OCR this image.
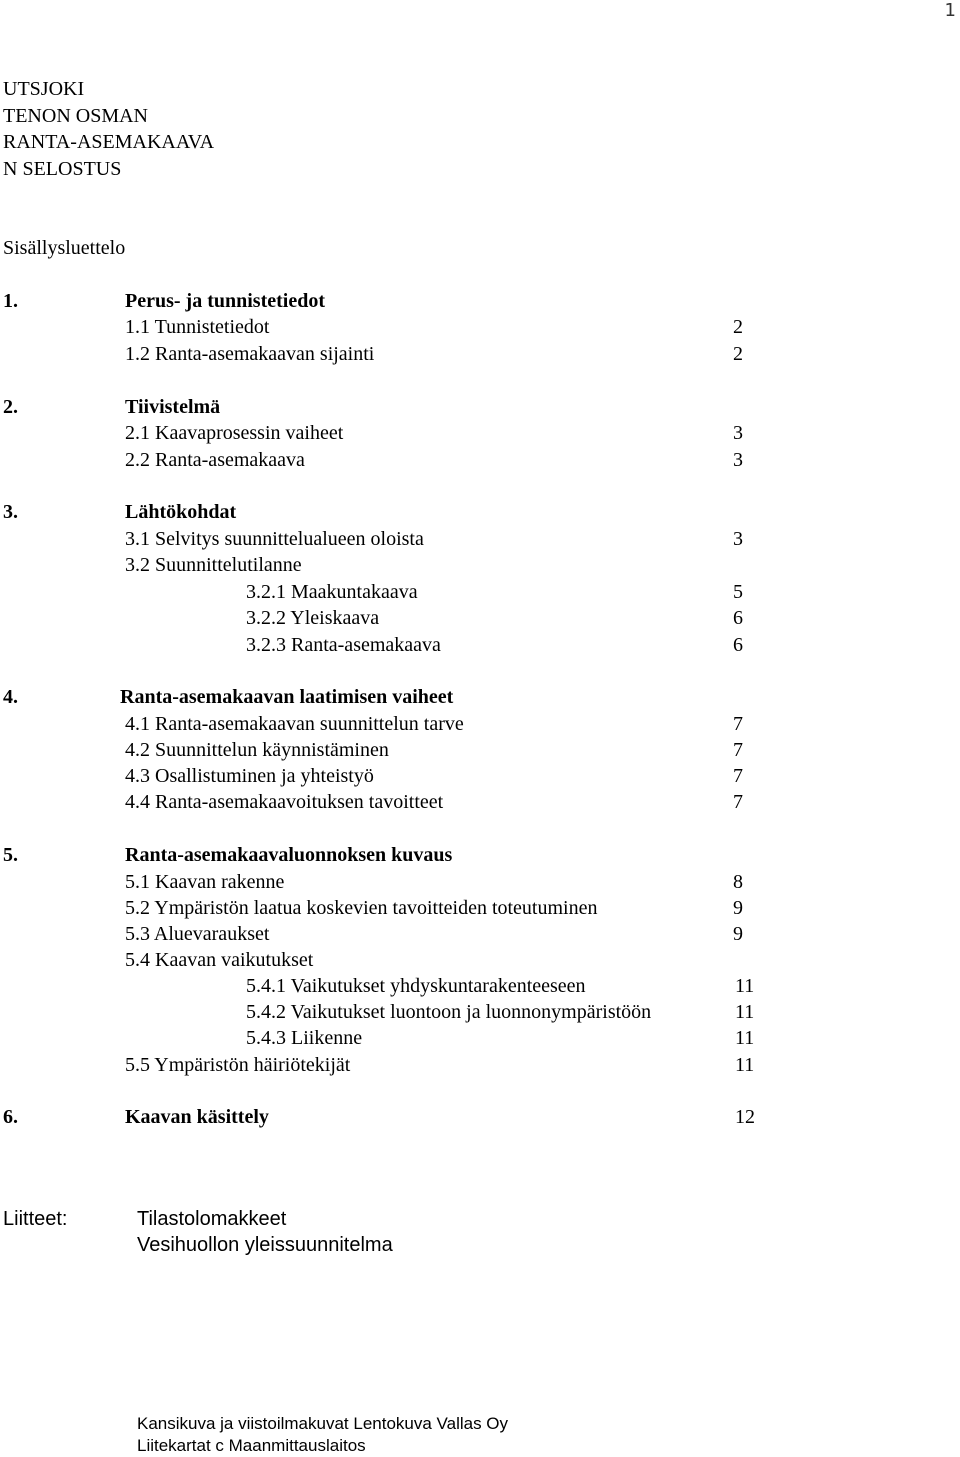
1
UTSJOKI
TENON OSMAN
RANTA-ASEMAKAAVA
N SELOSTUS
Sisällysluettelo
1.	Perus- ja tunnistetiedot
1.1 Tunnistetiedot	2
1.2 Ranta-asemakaavan sijainti	2
2.	Tiivistelmä
2.1 Kaavaprosessin vaiheet	3
2.2 Ranta-asemakaava	3
3.	Lähtökohdat
3.1 Selvitys suunnittelualueen oloista	3
3.2 Suunnittelutilanne
3.2.1 Maakuntakaava	5
3.2.2 Yleiskaava	6
3.2.3 Ranta-asemakaava	6
4.	Ranta-asemakaavan laatimisen vaiheet
4.1 Ranta-asemakaavan suunnittelun tarve	7
4.2 Suunnittelun käynnistäminen	7
4.3 Osallistuminen ja yhteistyö	7
4.4 Ranta-asemakaavoituksen tavoitteet	7
5.	Ranta-asemakaavaluonnoksen kuvaus
5.1 Kaavan rakenne	8
5.2 Ympäristön laatua koskevien tavoitteiden toteutuminen	9
5.3 Aluevaraukset	9
5.4 Kaavan vaikutukset
5.4.1 Vaikutukset yhdyskuntarakenteeseen	11
5.4.2 Vaikutukset luontoon ja luonnonympäristöön	11
5.4.3 Liikenne	11
5.5 Ympäristön häiriötekijät	11
6.	Kaavan käsittely	12
Liitteet:	Tilastolomakkeet
Vesihuollon yleissuunnitelma
Kansikuva ja viistoilmakuvat Lentokuva Vallas Oy
Liitekartat c Maanmittauslaitos
